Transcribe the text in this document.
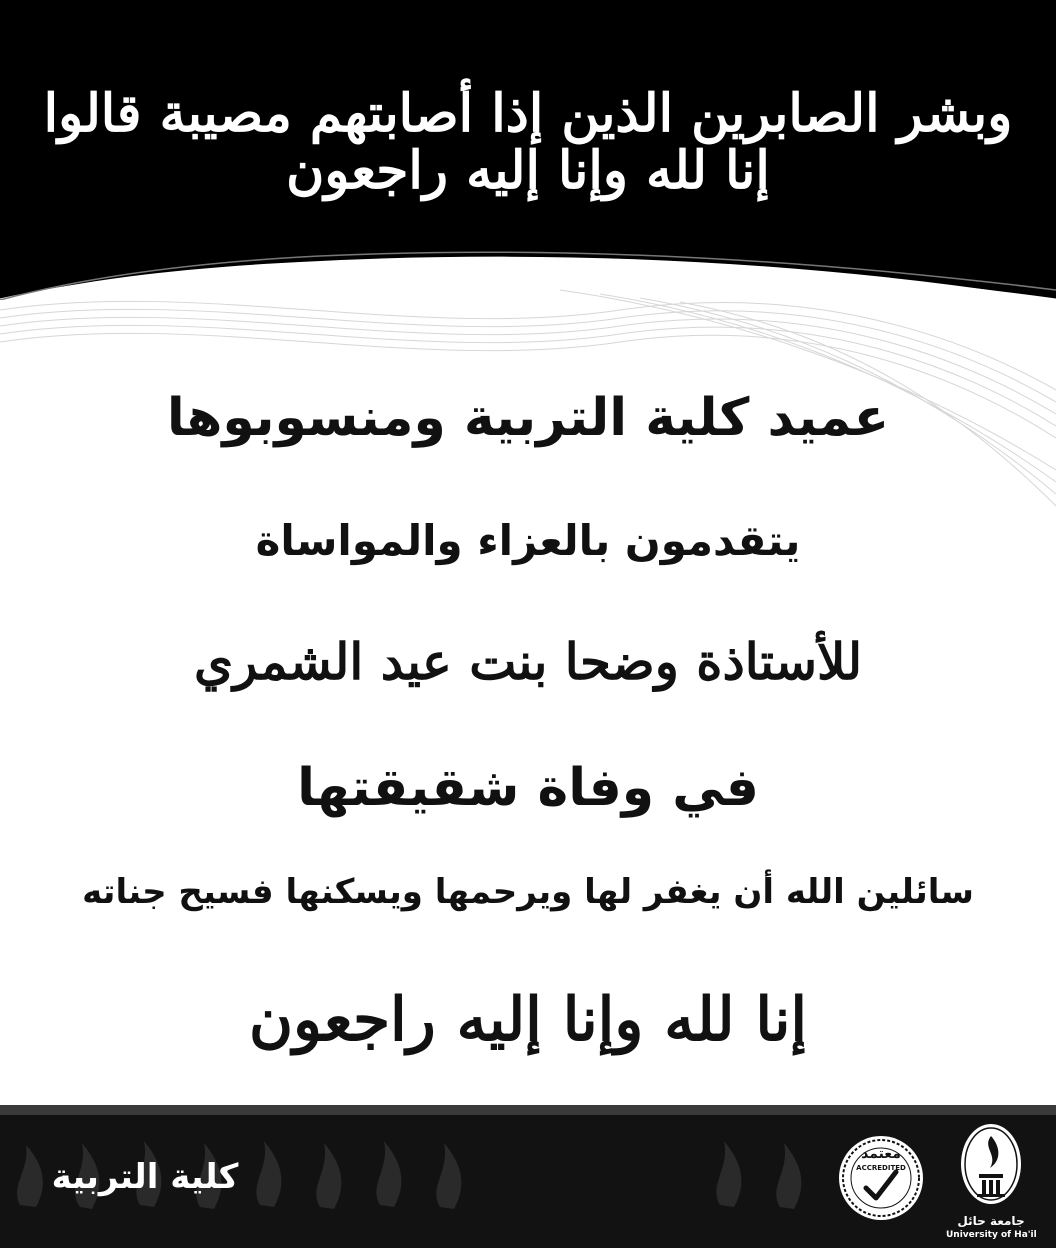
وبشر الصابرين الذين إذا أصابتهم مصيبة قالوا إنا لله وإنا إليه راجعون
عميد كلية التربية ومنسوبوها
يتقدمون بالعزاء والمواساة
للأستاذة وضحا بنت عيد الشمري
في وفاة شقيقتها
سائلين الله أن يغفر لها ويرحمها ويسكنها فسيح جناته
إنا لله وإنا إليه راجعون
كلية التربية
معتمد
ACCREDITED
جامعة حائل
University of Ha'il
